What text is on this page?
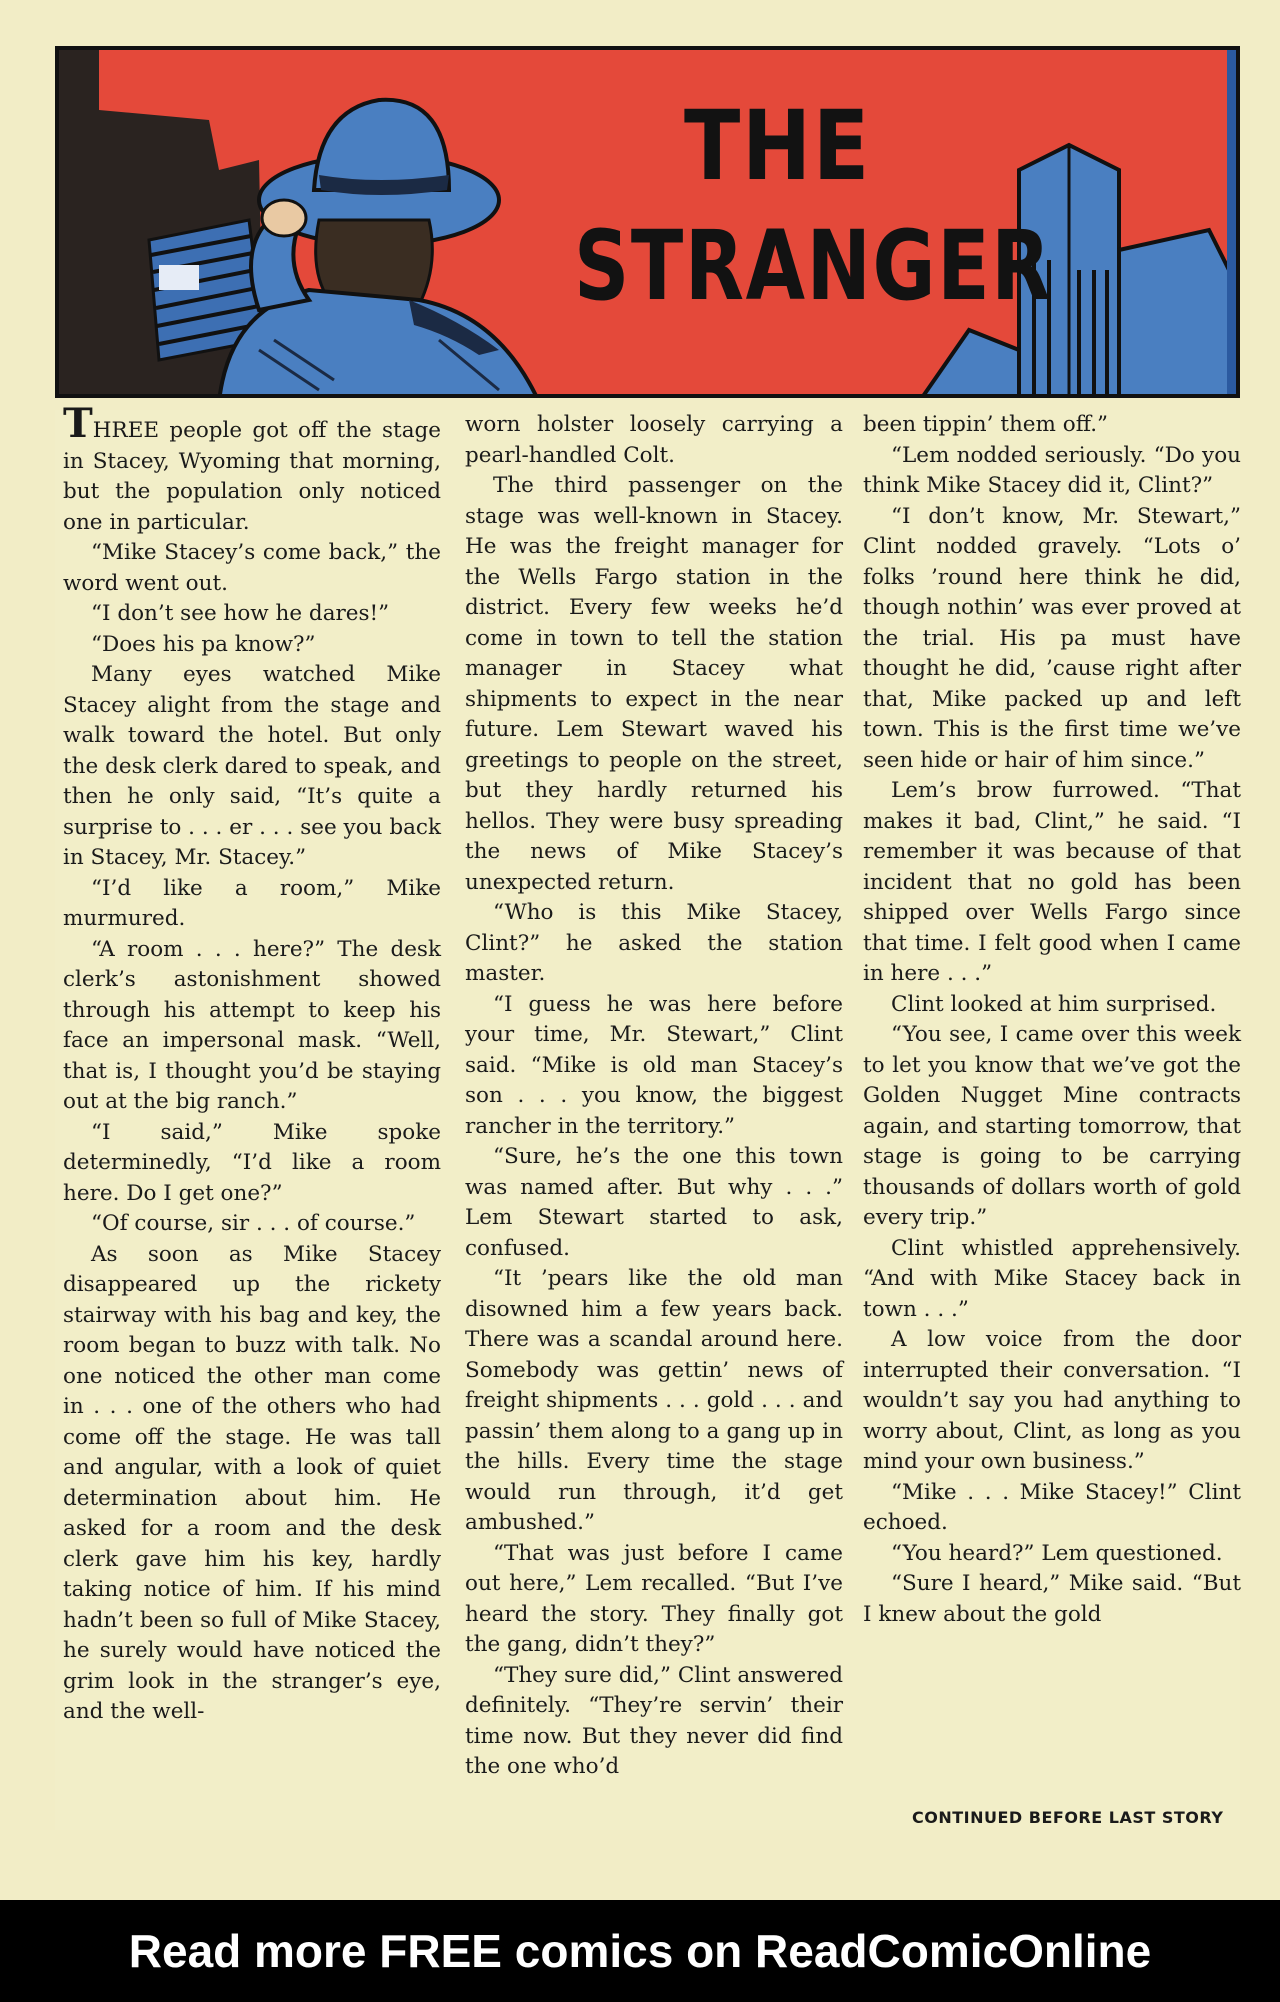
THE
STRANGER

THREE people got off the stage in Stacey, Wyoming that morning, but the population only noticed one in particular.

“Mike Stacey’s come back,” the word went out.

“I don’t see how he dares!”

“Does his pa know?”

Many eyes watched Mike Stacey alight from the stage and walk toward the hotel. But only the desk clerk dared to speak, and then he only said, “It’s quite a surprise to . . . er . . . see you back in Stacey, Mr. Stacey.”

“I’d like a room,” Mike murmured.

“A room . . . here?” The desk clerk’s astonishment showed through his attempt to keep his face an impersonal mask. “Well, that is, I thought you’d be staying out at the big ranch.”

“I said,” Mike spoke determinedly, “I’d like a room here. Do I get one?”

“Of course, sir . . . of course.”

As soon as Mike Stacey disappeared up the rickety stairway with his bag and key, the room began to buzz with talk. No one noticed the other man come in . . . one of the others who had come off the stage. He was tall and angular, with a look of quiet determination about him. He asked for a room and the desk clerk gave him his key, hardly taking notice of him. If his mind hadn’t been so full of Mike Stacey, he surely would have noticed the grim look in the stranger’s eye, and the well-

worn holster loosely carrying a pearl-handled Colt.

The third passenger on the stage was well-known in Stacey. He was the freight manager for the Wells Fargo station in the district. Every few weeks he’d come in town to tell the station manager in Stacey what shipments to expect in the near future. Lem Stewart waved his greetings to people on the street, but they hardly returned his hellos. They were busy spreading the news of Mike Stacey’s unexpected return.

“Who is this Mike Stacey, Clint?” he asked the station master.

“I guess he was here before your time, Mr. Stewart,” Clint said. “Mike is old man Stacey’s son . . . you know, the biggest rancher in the territory.”

“Sure, he’s the one this town was named after. But why . . .” Lem Stewart started to ask, confused.

“It ’pears like the old man disowned him a few years back. There was a scandal around here. Somebody was gettin’ news of freight shipments . . . gold . . . and passin’ them along to a gang up in the hills. Every time the stage would run through, it’d get ambushed.”

“That was just before I came out here,” Lem recalled. “But I’ve heard the story. They finally got the gang, didn’t they?”

“They sure did,” Clint answered definitely. “They’re servin’ their time now. But they never did find the one who’d

been tippin’ them off.”

“Lem nodded seriously. “Do you think Mike Stacey did it, Clint?”

“I don’t know, Mr. Stewart,” Clint nodded gravely. “Lots o’ folks ’round here think he did, though nothin’ was ever proved at the trial. His pa must have thought he did, ’cause right after that, Mike packed up and left town. This is the first time we’ve seen hide or hair of him since.”

Lem’s brow furrowed. “That makes it bad, Clint,” he said. “I remember it was because of that incident that no gold has been shipped over Wells Fargo since that time. I felt good when I came in here . . .”

Clint looked at him surprised.

“You see, I came over this week to let you know that we’ve got the Golden Nugget Mine contracts again, and starting tomorrow, that stage is going to be carrying thousands of dollars worth of gold every trip.”

Clint whistled apprehensively. “And with Mike Stacey back in town . . .”

A low voice from the door interrupted their conversation. “I wouldn’t say you had anything to worry about, Clint, as long as you mind your own business.”

“Mike . . . Mike Stacey!” Clint echoed.

“You heard?” Lem questioned.

“Sure I heard,” Mike said. “But I knew about the gold

CONTINUED BEFORE LAST STORY
Read more FREE comics on ReadComicOnline
